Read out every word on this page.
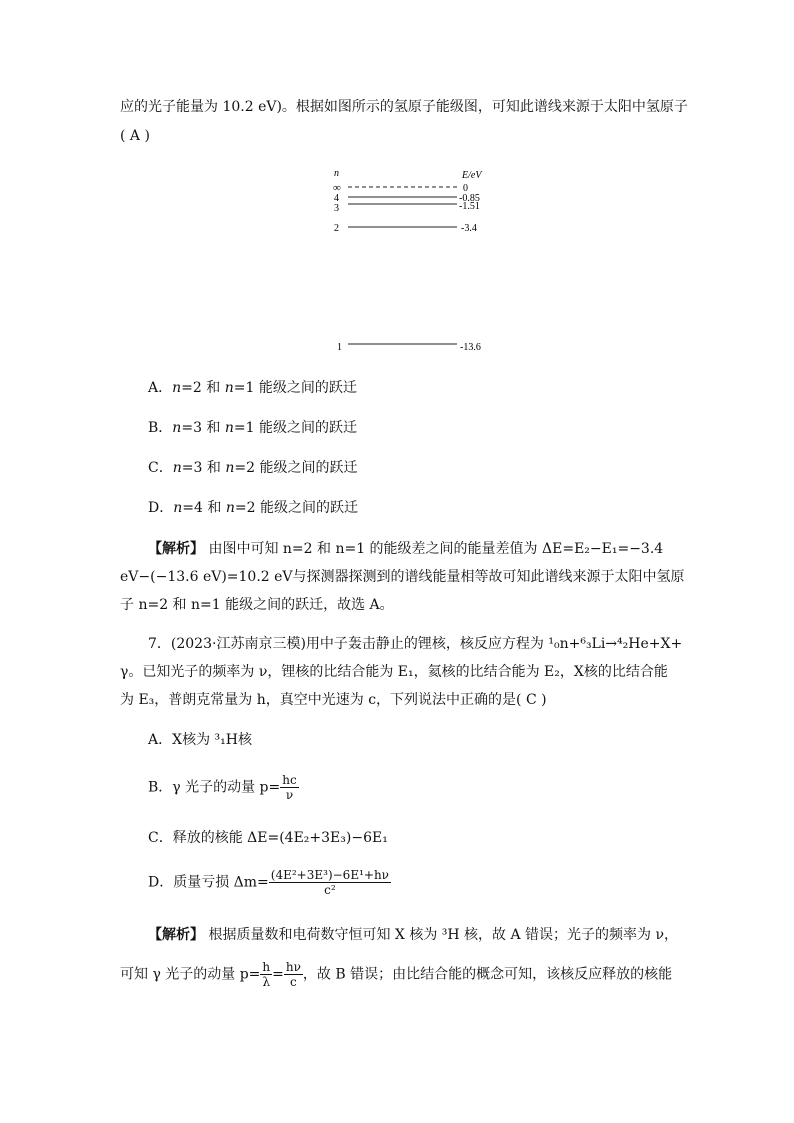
应的光子能量为 10.2 eV)。根据如图所示的氢原子能级图，可知此谱线来源于太阳中氢原子
( A )
n	E/eV
∞	0
4	-0.85
3	-1.51
2	-3.4
1	-13.6
A．n=2 和 n=1 能级之间的跃迁
B．n=3 和 n=1 能级之间的跃迁
C．n=3 和 n=2 能级之间的跃迁
D．n=4 和 n=2 能级之间的跃迁
【解析】 由图中可知 n=2 和 n=1 的能级差之间的能量差值为 ΔE=E₂−E₁=−3.4
eV−(−13.6 eV)=10.2 eV与探测器探测到的谱线能量相等故可知此谱线来源于太阳中氢原
子 n=2 和 n=1 能级之间的跃迁，故选 A。
7．(2023·江苏南京三模)用中子轰击静止的锂核，核反应方程为 ¹₀n+⁶₃Li→⁴₂He+X+
γ。已知光子的频率为 ν，锂核的比结合能为 E₁，氦核的比结合能为 E₂，X核的比结合能
为 E₃，普朗克常量为 h，真空中光速为 c，下列说法中正确的是( C )
A．X核为 ³₁H核
B．γ 光子的动量 $p= \frac{hc}{\nu}$
C．释放的核能 ΔE=(4E₂+3E₃)−6E₁
D．质量亏损 $\Delta m= \frac{\text{(4E²+3E³)−6E¹+hν}}{\text{c²}}$
【解析】 根据质量数和电荷数守恒可知 X 核为 ³H 核，故 A 错误；光子的频率为 ν，
可知 γ 光子的动量 $p= \frac{h}{\lambda} = \frac{h\nu}{c}$ ，故 B 错误；由比结合能的概念可知，该核反应释放的核能
